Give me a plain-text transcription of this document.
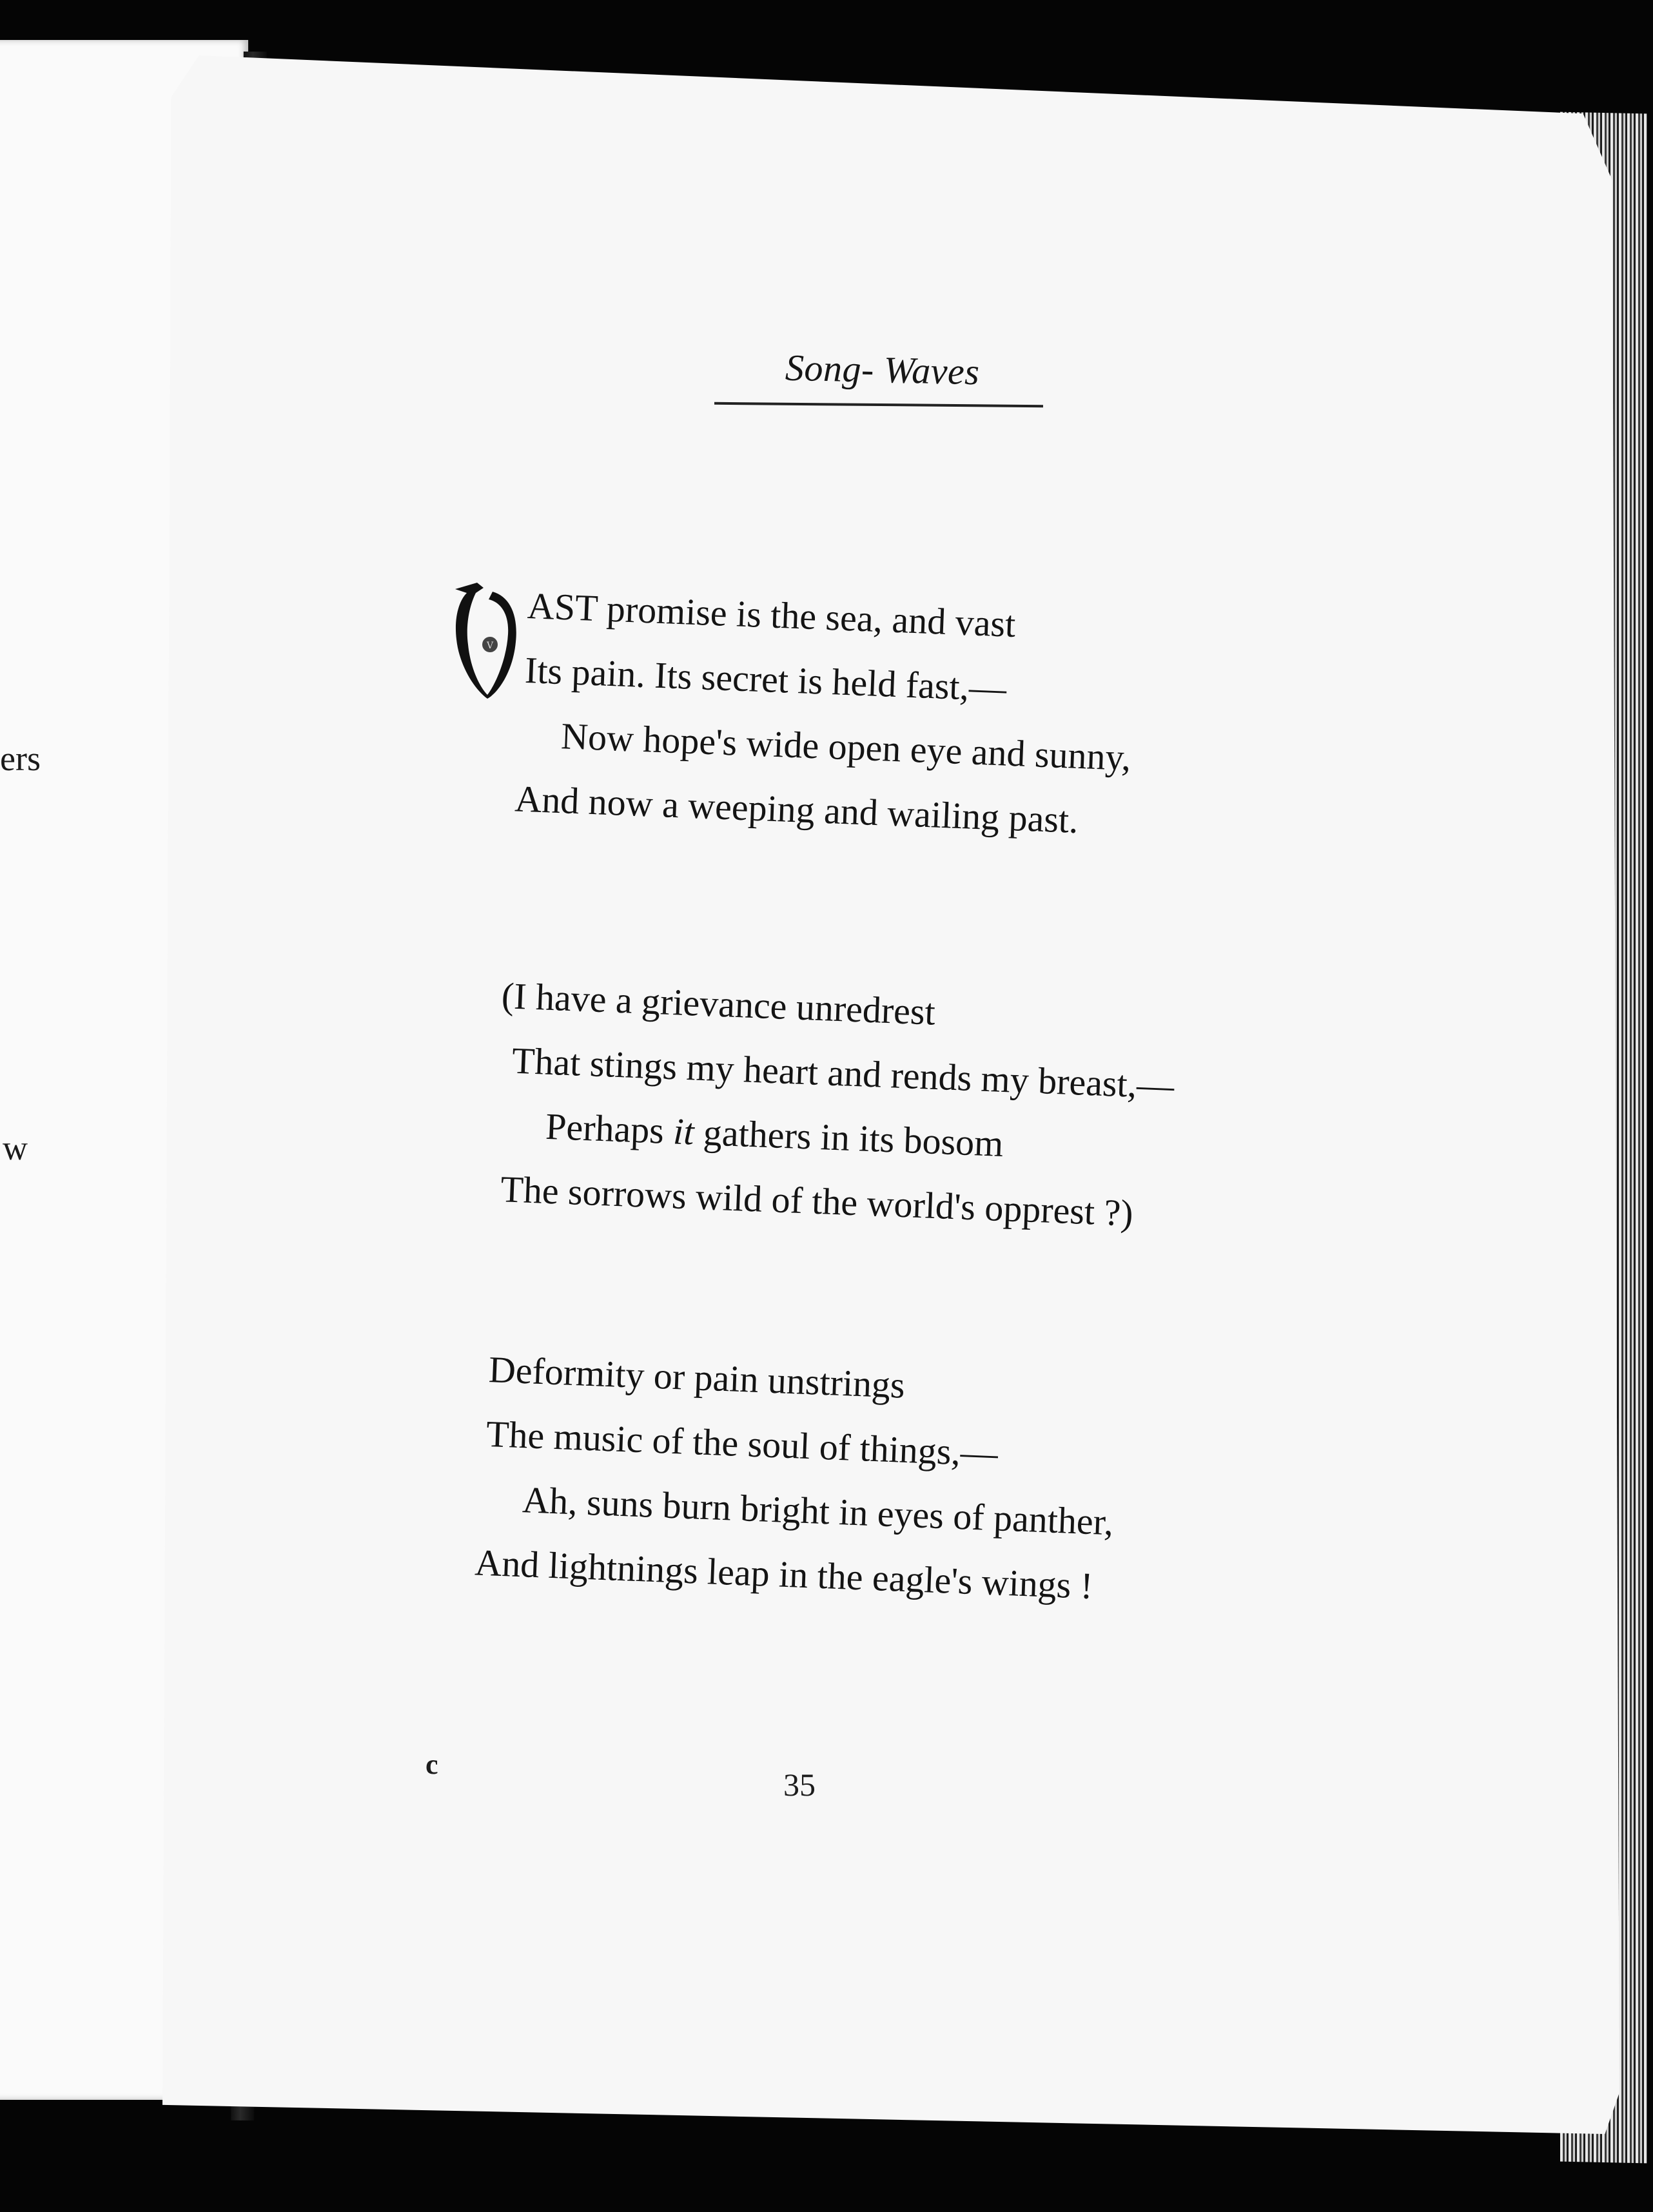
ers
w
Song- Waves
V
AST promise is the sea, and vast
Its pain. Its secret is held fast,—
Now hope's wide open eye and sunny,
And now a weeping and wailing past.
(I have a grievance unredrest
That stings my heart and rends my breast,—
Perhaps it gathers in its bosom
The sorrows wild of the world's opprest ?)
Deformity or pain unstrings
The music of the soul of things,—
Ah, suns burn bright in eyes of panther,
And lightnings leap in the eagle's wings !
c
35
